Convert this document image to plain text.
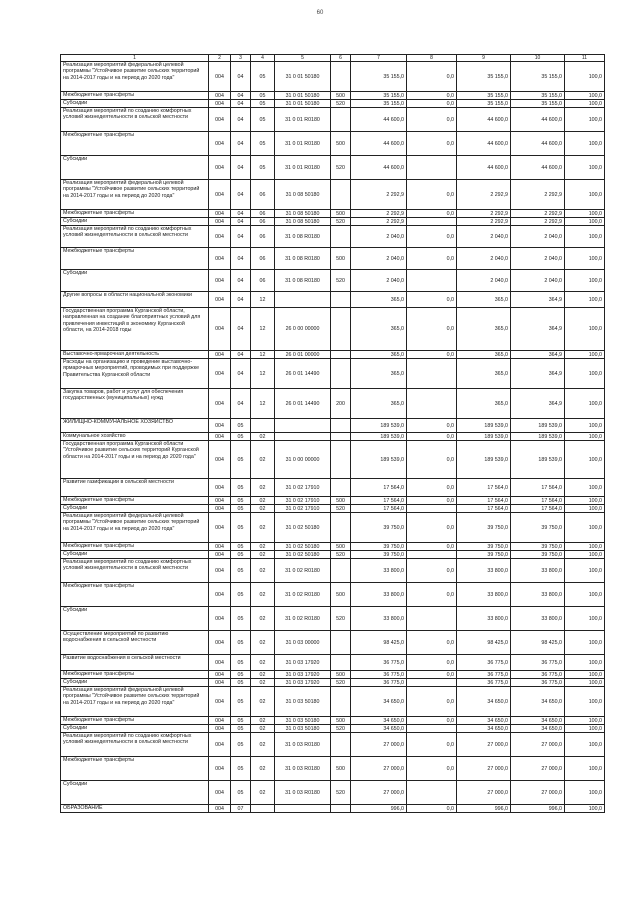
60
1	2	3	4	5	6	7	8	9	10	11
Реализация мероприятий федеральной целевой программы "Устойчивое развитие сельских территорий на 2014-2017 годы и на период до 2020 года"	004	04	05	31 0 01 50180		35 155,0	0,0	35 155,0	35 155,0	100,0
Межбюджетные трансферты	004	04	05	31 0 01 50180	500	35 155,0	0,0	35 155,0	35 155,0	100,0
Субсидии	004	04	05	31 0 01 50180	520	35 155,0	0,0	35 155,0	35 155,0	100,0
Реализация мероприятий по созданию комфортных условий жизнедеятельности в сельской местности	004	04	05	31 0 01 R0180		44 600,0	0,0	44 600,0	44 600,0	100,0
Межбюджетные трансферты	004	04	05	31 0 01 R0180	500	44 600,0	0,0	44 600,0	44 600,0	100,0
Субсидии	004	04	05	31 0 01 R0180	520	44 600,0		44 600,0	44 600,0	100,0
Реализация мероприятий федеральной целевой программы "Устойчивое развитие сельских территорий на 2014-2017 годы и на период до 2020 года"	004	04	06	31 0 08 50180		2 292,9	0,0	2 292,9	2 292,9	100,0
Межбюджетные трансферты	004	04	06	31 0 08 50180	500	2 292,9	0,0	2 292,9	2 292,9	100,0
Субсидии	004	04	06	31 0 08 50180	520	2 292,9		2 292,9	2 292,9	100,0
Реализация мероприятий по созданию комфортных условий жизнедеятельности в сельской местности	004	04	06	31 0 08 R0180		2 040,0	0,0	2 040,0	2 040,0	100,0
Межбюджетные трансферты	004	04	06	31 0 08 R0180	500	2 040,0	0,0	2 040,0	2 040,0	100,0
Субсидии	004	04	06	31 0 08 R0180	520	2 040,0		2 040,0	2 040,0	100,0
Другие вопросы в области национальной экономики	004	04	12			365,0	0,0	365,0	364,9	100,0
Государственная программа Курганской области, направленная на создание благоприятных условий для привлечения инвестиций в экономику Курганской области, на 2014-2018 годы	004	04	12	26 0 00 00000		365,0	0,0	365,0	364,9	100,0
Выставочно-ярмарочная деятельность	004	04	12	26 0 01 00000		365,0	0,0	365,0	364,9	100,0
Расходы на организацию и проведение выставочно-ярмарочных мероприятий, проводимых при поддержке Правительства Курганской области	004	04	12	26 0 01 14490		365,0		365,0	364,9	100,0
Закупка товаров, работ и услуг для обеспечения государственных (муниципальных) нужд	004	04	12	26 0 01 14490	200	365,0		365,0	364,9	100,0
ЖИЛИЩНО-КОММУНАЛЬНОЕ ХОЗЯЙСТВО	004	05				189 539,0	0,0	189 539,0	189 539,0	100,0
Коммунальное хозяйство	004	05	02			189 539,0	0,0	189 539,0	189 539,0	100,0
Государственная программа Курганской области "Устойчивое развитие сельских территорий Курганской области на 2014-2017 годы и на период до 2020 года"	004	05	02	31 0 00 00000		189 539,0	0,0	189 539,0	189 539,0	100,0
Развитие газификации в сельской местности	004	05	02	31 0 02 17910		17 564,0	0,0	17 564,0	17 564,0	100,0
Межбюджетные трансферты	004	05	02	31 0 02 17910	500	17 564,0	0,0	17 564,0	17 564,0	100,0
Субсидии	004	05	02	31 0 02 17910	520	17 564,0		17 564,0	17 564,0	100,0
Реализация мероприятий федеральной целевой программы "Устойчивое развитие сельских территорий на 2014-2017 годы и на период до 2020 года"	004	05	02	31 0 02 50180		39 750,0	0,0	39 750,0	39 750,0	100,0
Межбюджетные трансферты	004	05	02	31 0 02 50180	500	39 750,0	0,0	39 750,0	39 750,0	100,0
Субсидии	004	05	02	31 0 02 50180	520	39 750,0		39 750,0	39 750,0	100,0
Реализация мероприятий по созданию комфортных условий жизнедеятельности в сельской местности	004	05	02	31 0 02 R0180		33 800,0	0,0	33 800,0	33 800,0	100,0
Межбюджетные трансферты	004	05	02	31 0 02 R0180	500	33 800,0	0,0	33 800,0	33 800,0	100,0
Субсидии	004	05	02	31 0 02 R0180	520	33 800,0		33 800,0	33 800,0	100,0
Осуществление мероприятий по развитию водоснабжения в сельской местности	004	05	02	31 0 03 00000		98 425,0	0,0	98 425,0	98 425,0	100,0
Развитие водоснабжения в сельской местности	004	05	02	31 0 03 17920		36 775,0	0,0	36 775,0	36 775,0	100,0
Межбюджетные трансферты	004	05	02	31 0 03 17920	500	36 775,0	0,0	36 775,0	36 775,0	100,0
Субсидии	004	05	02	31 0 03 17920	520	36 775,0		36 775,0	36 775,0	100,0
Реализация мероприятий федеральной целевой программы "Устойчивое развитие сельских территорий на 2014-2017 годы и на период до 2020 года"	004	05	02	31 0 03 50180		34 650,0	0,0	34 650,0	34 650,0	100,0
Межбюджетные трансферты	004	05	02	31 0 03 50180	500	34 650,0	0,0	34 650,0	34 650,0	100,0
Субсидии	004	05	02	31 0 03 50180	520	34 650,0		34 650,0	34 650,0	100,0
Реализация мероприятий по созданию комфортных условий жизнедеятельности в сельской местности	004	05	02	31 0 03 R0180		27 000,0	0,0	27 000,0	27 000,0	100,0
Межбюджетные трансферты	004	05	02	31 0 03 R0180	500	27 000,0	0,0	27 000,0	27 000,0	100,0
Субсидии	004	05	02	31 0 03 R0180	520	27 000,0		27 000,0	27 000,0	100,0
ОБРАЗОВАНИЕ	004	07				996,0	0,0	996,0	996,0	100,0
